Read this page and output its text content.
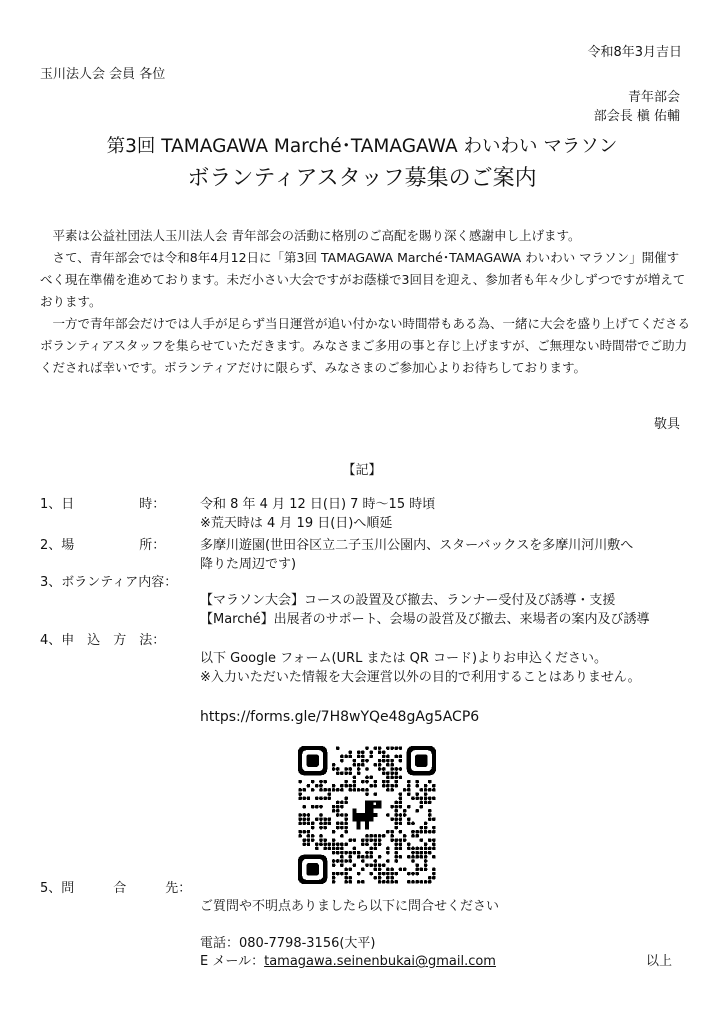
令和8年3月吉日
玉川法人会 会員 各位
青年部会
部会長 槇 佑輔
第3回 TAMAGAWA Marché･TAMAGAWA わいわい マラソン
ボランティアスタッフ募集のご案内

平素は公益社団法人玉川法人会 青年部会の活動に格別のご高配を賜り深く感謝申し上げます。

さて、青年部会では令和8年4月12日に「第3回 TAMAGAWA Marché･TAMAGAWA わいわい マラソン」開催すべく現在準備を進めております。未だ小さい大会ですがお蔭様で3回目を迎え、参加者も年々少しずつですが増えております。

一方で青年部会だけでは人手が足らず当日運営が追い付かない時間帯もある為、一緒に大会を盛り上げてくださるボランティアスタッフを集らせていただきます。みなさまご多用の事と存じ上げますが、ご無理ない時間帯でご助力くだされば幸いです。ボランティアだけに限らず、みなさまのご参加心よりお待ちしております。

敬具
【記】
1、日　　　　　時：	令和 8 年 4 月 12 日(日) 7 時～15 時頃
※荒天時は 4 月 19 日(日)へ順延
2、場　　　　　所：	多摩川遊園(世田谷区立二子玉川公園内、スターバックスを多摩川河川敷へ
降りた周辺です)
3、ボランティア内容：
【マラソン大会】コースの設置及び撤去、ランナー受付及び誘導・支援
【Marché】出展者のサポート、会場の設営及び撤去、来場者の案内及び誘導
4、申　込　方　法：
以下 Google フォーム(URL または QR コード)よりお申込ください。
※入力いただいた情報を大会運営以外の目的で利用することはありません。
https://forms.gle/7H8wYQe48gAg5ACP6
5、問　　　合　　　先：
ご質問や不明点ありましたら以下に問合せください
電話：080-7798-3156(大平)
E メール：tamagawa.seinenbukai@gmail.com	以上
